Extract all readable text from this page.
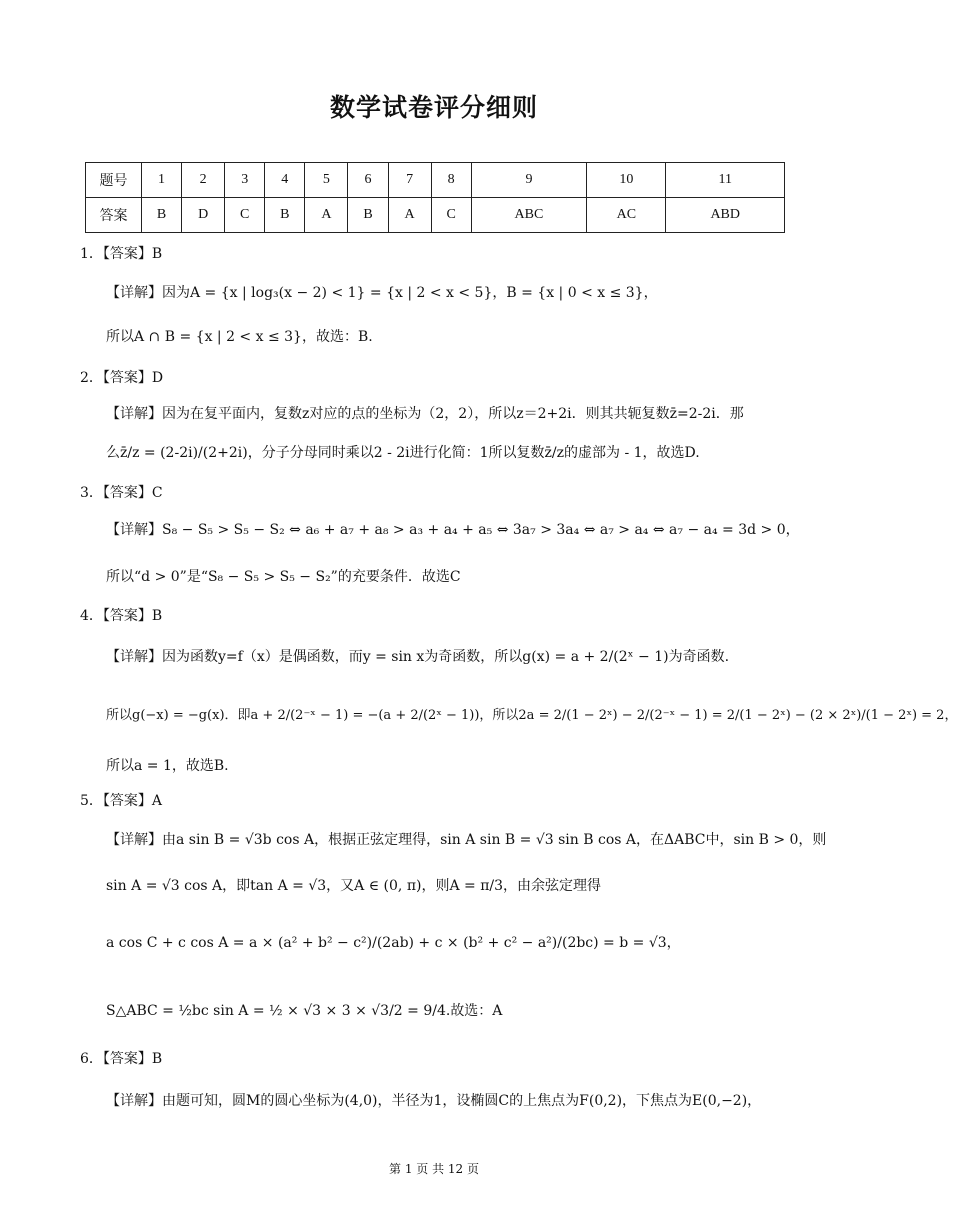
数学试卷评分细则
题号	1	2	3	4	5	6	7	8	9	10	11
答案	B	D	C	B	A	B	A	C	ABC	AC	ABD
1．【答案】B
【详解】因为A = {x | log₃(x − 2) < 1} = {x | 2 < x < 5}，B = {x | 0 < x ≤ 3}，
所以A ∩ B = {x | 2 < x ≤ 3}，故选：B.
2．【答案】D
【详解】因为在复平面内，复数z对应的点的坐标为（2，2），所以z＝2+2i．则其共轭复数z̄=2-2i．那
么z̄/z = (2-2i)/(2+2i)，分子分母同时乘以2 - 2i进行化简：1所以复数z̄/z的虚部为 - 1，故选D.
3．【答案】C
【详解】S₈ − S₅ > S₅ − S₂ ⇔ a₆ + a₇ + a₈ > a₃ + a₄ + a₅ ⇔ 3a₇ > 3a₄ ⇔ a₇ > a₄ ⇔ a₇ − a₄ = 3d > 0，
所以“d > 0”是“S₈ − S₅ > S₅ − S₂”的充要条件．故选C
4．【答案】B
【详解】因为函数y=f（x）是偶函数，而y = sin x为奇函数，所以g(x) = a + 2/(2ˣ − 1)为奇函数.
所以g(−x) = −g(x)．即a + 2/(2⁻ˣ − 1) = −(a + 2/(2ˣ − 1))，所以2a = 2/(1 − 2ˣ) − 2/(2⁻ˣ − 1) = 2/(1 − 2ˣ) − (2 × 2ˣ)/(1 − 2ˣ) = 2，
所以a = 1，故选B.
5．【答案】A
【详解】由a sin B = √3b cos A，根据正弦定理得，sin A sin B = √3 sin B cos A，在ΔABC中，sin B > 0，则
sin A = √3 cos A，即tan A = √3，又A ∈ (0, π)，则A = π/3，由余弦定理得
a cos C + c cos A = a × (a² + b² − c²)/(2ab) + c × (b² + c² − a²)/(2bc) = b = √3，
S△ABC = ½bc sin A = ½ × √3 × 3 × √3/2 = 9/4.故选：A
6．【答案】B
【详解】由题可知，圆M的圆心坐标为(4,0)，半径为1，设椭圆C的上焦点为F(0,2)，下焦点为E(0,−2)，
第 1 页 共 12 页
